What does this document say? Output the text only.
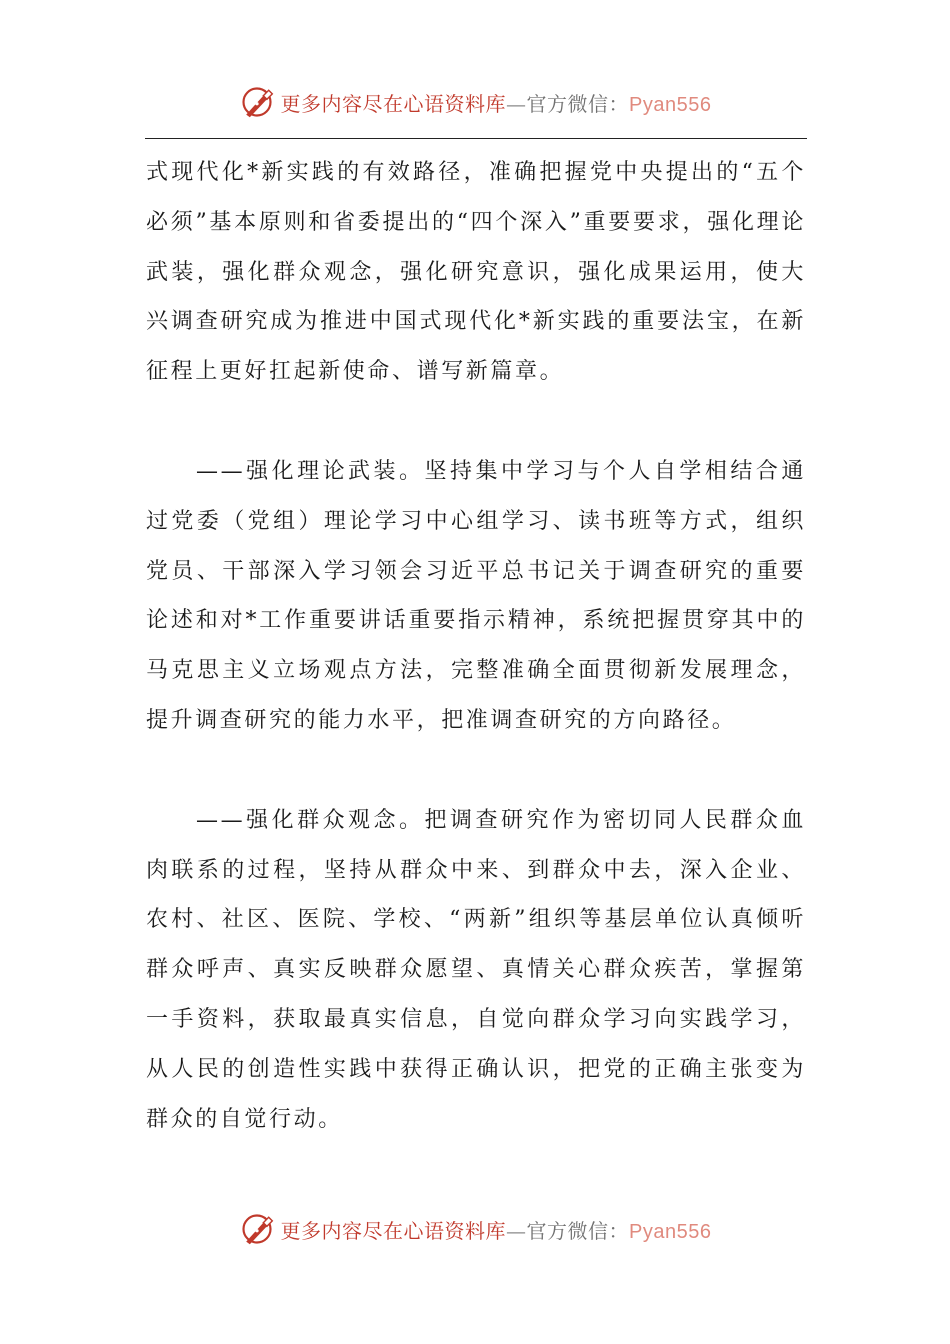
更多内容尽在心语资料库—官方微信：Pyan556

式现代化*新实践的有效路径，准确把握党中央提出的“五个必须”基本原则和省委提出的“四个深入”重要要求，强化理论武装，强化群众观念，强化研究意识，强化成果运用，使大兴调查研究成为推进中国式现代化*新实践的重要法宝，在新征程上更好扛起新使命、谱写新篇章。

——强化理论武装。坚持集中学习与个人自学相结合通过党委（党组）理论学习中心组学习、读书班等方式，组织党员、干部深入学习领会习近平总书记关于调查研究的重要论述和对*工作重要讲话重要指示精神，系统把握贯穿其中的马克思主义立场观点方法，完整准确全面贯彻新发展理念，提升调查研究的能力水平，把准调查研究的方向路径。

——强化群众观念。把调查研究作为密切同人民群众血肉联系的过程，坚持从群众中来、到群众中去，深入企业、农村、社区、医院、学校、“两新”组织等基层单位认真倾听群众呼声、真实反映群众愿望、真情关心群众疾苦，掌握第一手资料，获取最真实信息，自觉向群众学习向实践学习，从人民的创造性实践中获得正确认识，把党的正确主张变为群众的自觉行动。

更多内容尽在心语资料库—官方微信：Pyan556
